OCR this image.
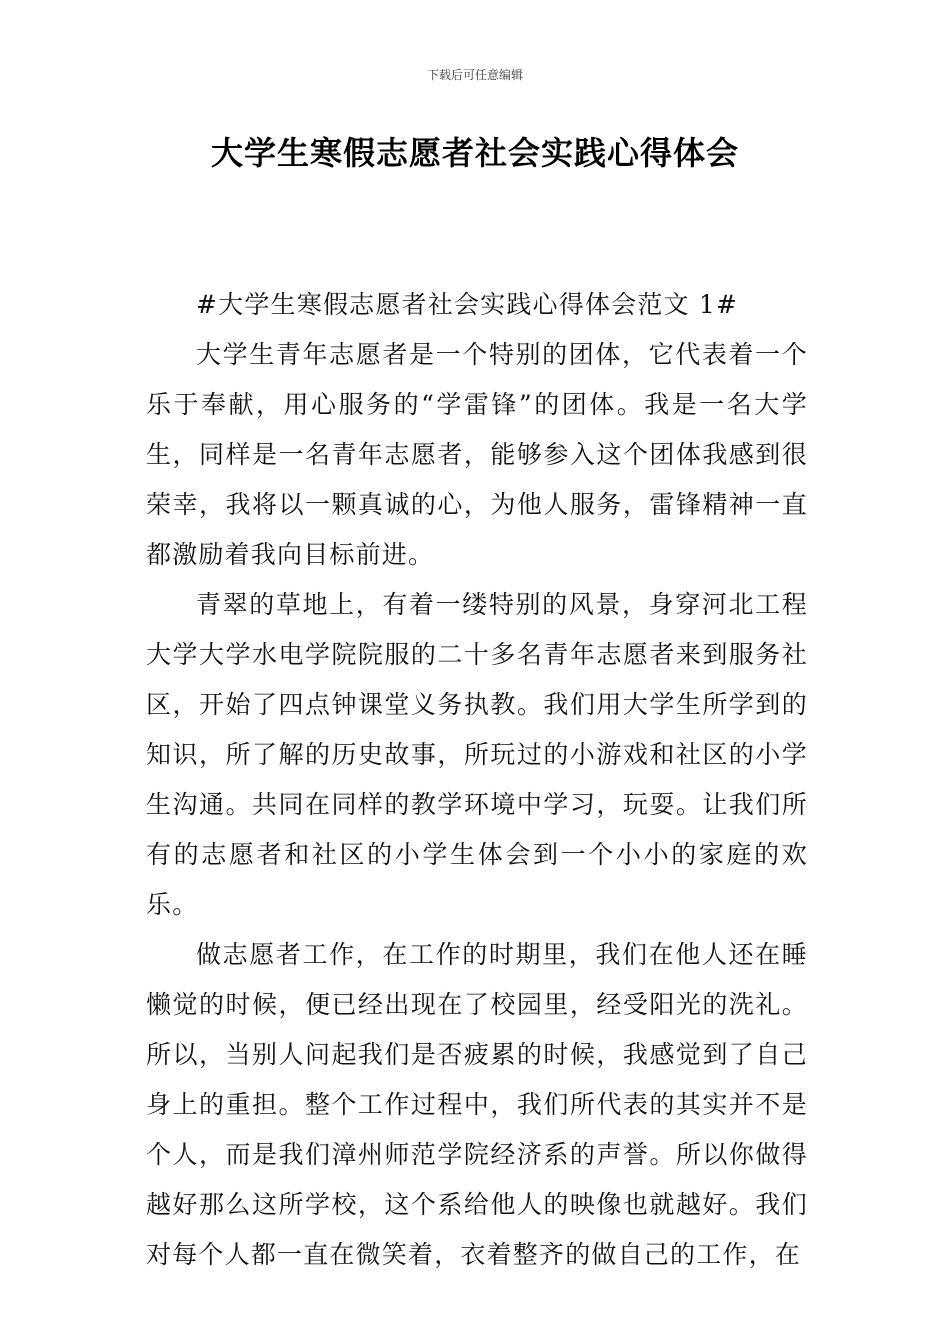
下载后可任意编辑
大学生寒假志愿者社会实践心得体会

#大学生寒假志愿者社会实践心得体会范文 1#

大学生青年志愿者是一个特别的团体，它代表着一个乐于奉献，用心服务的“学雷锋”的团体。我是一名大学生，同样是一名青年志愿者，能够参入这个团体我感到很荣幸，我将以一颗真诚的心，为他人服务，雷锋精神一直都激励着我向目标前进。

青翠的草地上，有着一缕特别的风景，身穿河北工程大学大学水电学院院服的二十多名青年志愿者来到服务社区，开始了四点钟课堂义务执教。我们用大学生所学到的知识，所了解的历史故事，所玩过的小游戏和社区的小学生沟通。共同在同样的教学环境中学习，玩耍。让我们所有的志愿者和社区的小学生体会到一个小小的家庭的欢乐。

做志愿者工作，在工作的时期里，我们在他人还在睡懒觉的时候，便已经出现在了校园里，经受阳光的洗礼。所以，当别人问起我们是否疲累的时候，我感觉到了自己身上的重担。整个工作过程中，我们所代表的其实并不是个人，而是我们漳州师范学院经济系的声誉。所以你做得越好那么这所学校，这个系给他人的映像也就越好。我们对每个人都一直在微笑着，衣着整齐的做自己的工作，在
